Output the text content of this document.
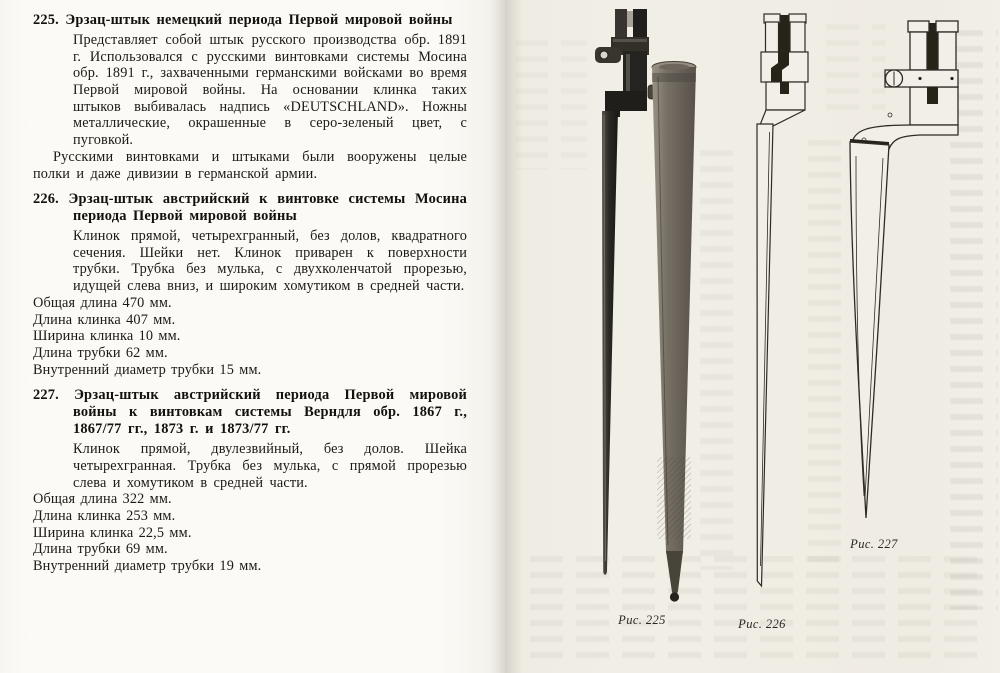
225. Эрзац-штык немецкий периода Первой мировой войны

Представляет собой штык русского производства обр. 1891 г. Использовался с русскими винтовками системы Мосина обр. 1891 г., захваченными германскими войсками во время Первой мировой войны. На основании клинка таких штыков выбивалась надпись «DEUTSCHLAND». Ножны металлические, окрашенные в серо-зеленый цвет, с пуговкой.

Русскими винтовками и штыками были вооружены целые полки и даже дивизии в германской армии.

226. Эрзац-штык австрийский к винтовке системы Мосина периода Первой мировой войны

Клинок прямой, четырехгранный, без долов, квадратного сечения. Шейки нет. Клинок приварен к поверхности трубки. Трубка без мулька, с двухколенчатой прорезью, идущей слева вниз, и широким хомутиком в средней части.

Общая длина 470 мм.

Длина клинка 407 мм.

Ширина клинка 10 мм.

Длина трубки 62 мм.

Внутренний диаметр трубки 15 мм.

227. Эрзац-штык австрийский периода Первой мировой войны к винтовкам системы Верндля обр. 1867 г., 1867/77 гг., 1873 г. и 1873/77 гг.

Клинок прямой, двулезвийный, без долов. Шейка четырехгранная. Трубка без мулька, с прямой прорезью слева и хомутиком в средней части.

Общая длина 322 мм.

Длина клинка 253 мм.

Ширина клинка 22,5 мм.

Длина трубки 69 мм.

Внутренний диаметр трубки 19 мм.

Рис. 225	Рис. 226
Рис. 227
